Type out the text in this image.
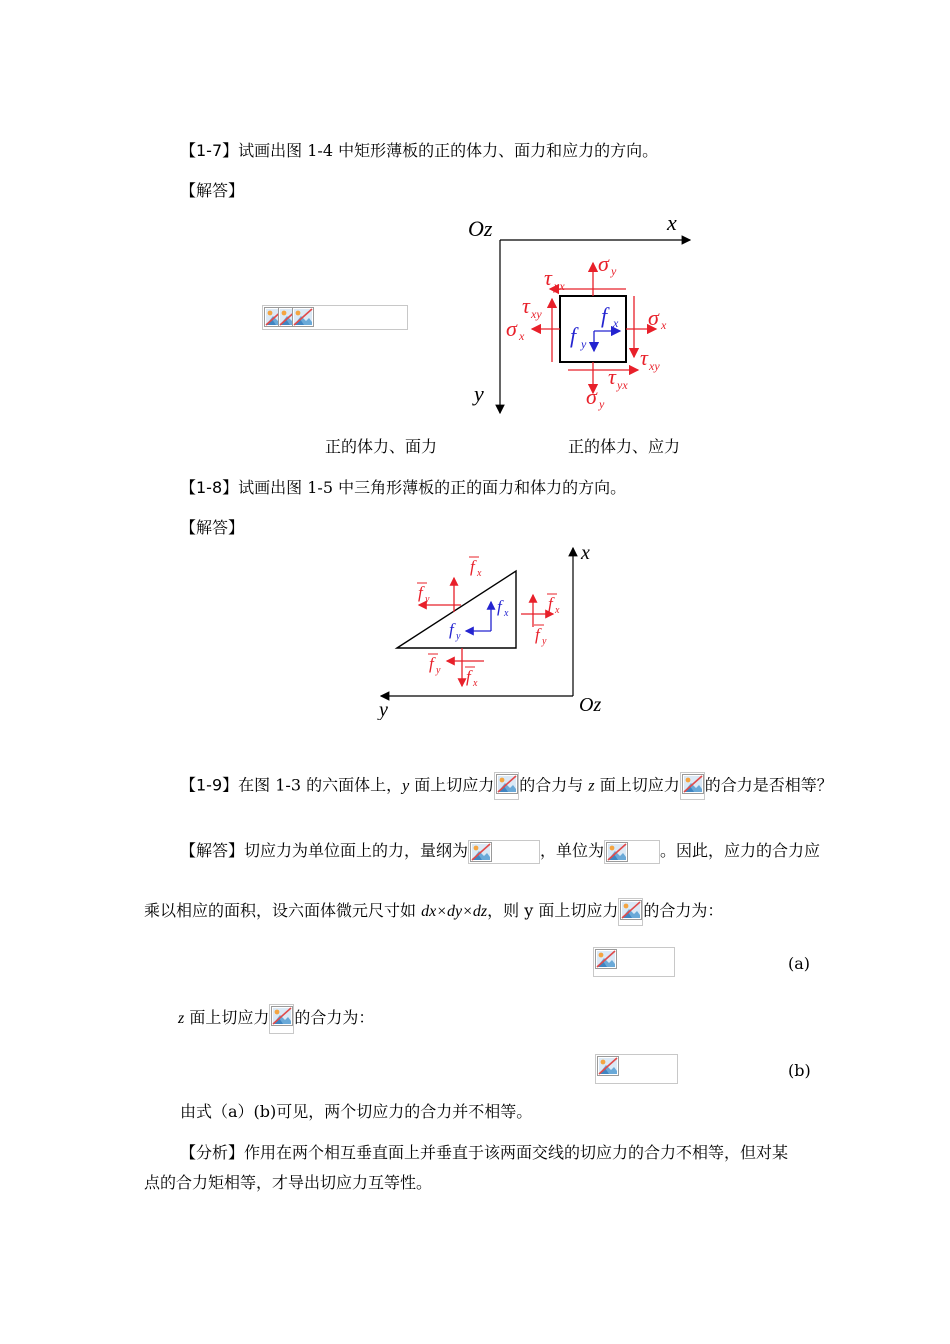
【1-7】试画出图 1-4 中矩形薄板的正的体力、面力和应力的方向。
【解答】
Oz	x
y
σ y
τ yx
τ xy
σ x
σ x
τ xy
τ yx
σ y
f x
f y
正的体力、面力	正的体力、应力
【1-8】试画出图 1-5 中三角形薄板的正的面力和体力的方向。
【解答】
x
y	Oz
f x
f y	f x
f y
f y f x
f x
f y
【1-9】在图 1-3 的六面体上，y 面上切应力 的合力与 z 面上切应力 的合力是否相等？
【解答】切应力为单位面上的力，量纲为	，单位为	。因此，应力的合力应
乘以相应的面积，设六面体微元尺寸如 dx×dy×dz，则 y 面上切应力 的合力为：
(a)
z 面上切应力 的合力为：
(b)
由式（a）(b)可见，两个切应力的合力并不相等。
【分析】作用在两个相互垂直面上并垂直于该两面交线的切应力的合力不相等，但对某
点的合力矩相等，才导出切应力互等性。
